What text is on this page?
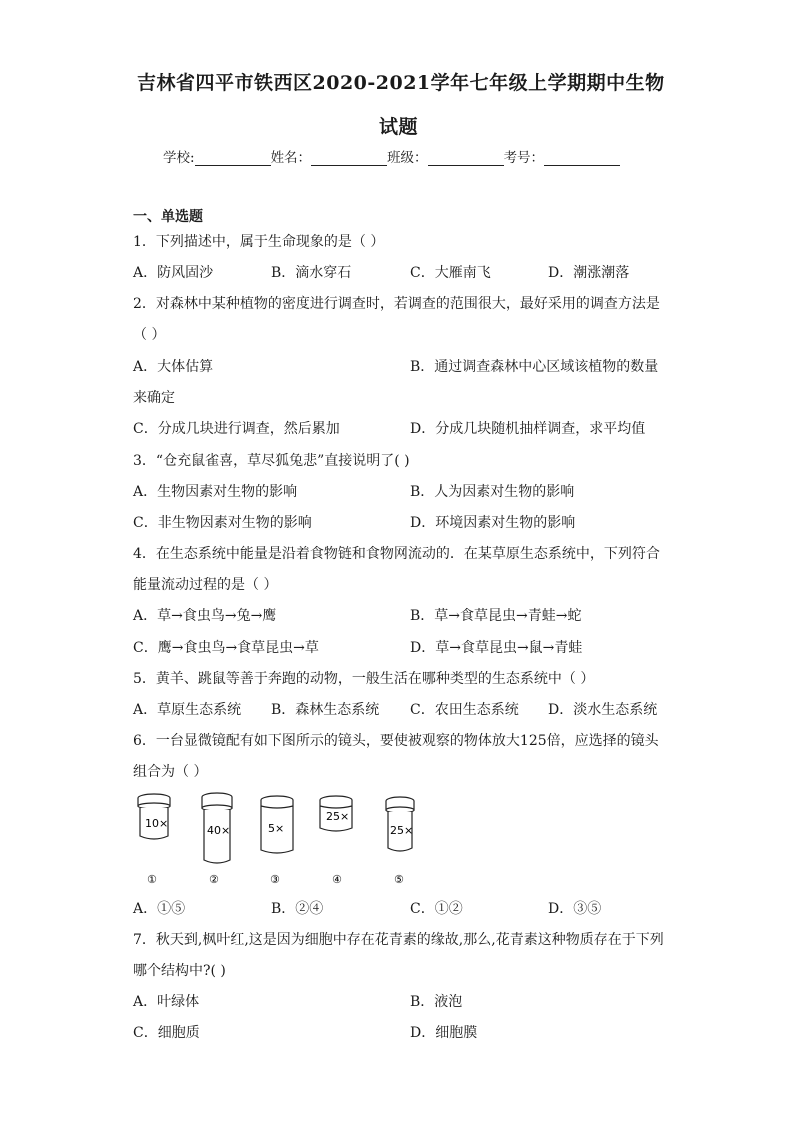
吉林省四平市铁西区2020-2021学年七年级上学期期中生物
试题
学校:	姓名：	班级：	考号：
一、单选题
1．下列描述中，属于生命现象的是（ ）
A．防风固沙	B．滴水穿石	C．大雁南飞	D．潮涨潮落
2．对森林中某种植物的密度进行调查时，若调查的范围很大，最好采用的调查方法是
（ ）
A．大体估算	B．通过调查森林中心区域该植物的数量
来确定
C．分成几块进行调查，然后累加	D．分成几块随机抽样调查，求平均值
3．“仓充鼠雀喜，草尽狐兔悲”直接说明了( )
A．生物因素对生物的影响	B．人为因素对生物的影响
C．非生物因素对生物的影响	D．环境因素对生物的影响
4．在生态系统中能量是沿着食物链和食物网流动的．在某草原生态系统中，下列符合
能量流动过程的是（ ）
A．草→食虫鸟→兔→鹰	B．草→食草昆虫→青蛙→蛇
C．鹰→食虫鸟→食草昆虫→草	D．草→食草昆虫→鼠→青蛙
5．黄羊、跳鼠等善于奔跑的动物，一般生活在哪种类型的生态系统中（ ）
A．草原生态系统 B．森林生态系统 C．农田生态系统 D．淡水生态系统
6．一台显微镜配有如下图所示的镜头，要使被观察的物体放大125倍，应选择的镜头
组合为（ ）
10×
40×	5×
25×
25×
①	②	③	④	⑤
A．①⑤	B．②④	C．①②	D．③⑤
7．秋天到,枫叶红,这是因为细胞中存在花青素的缘故,那么,花青素这种物质存在于下列
哪个结构中?( )
A．叶绿体	B．液泡
C．细胞质	D．细胞膜
